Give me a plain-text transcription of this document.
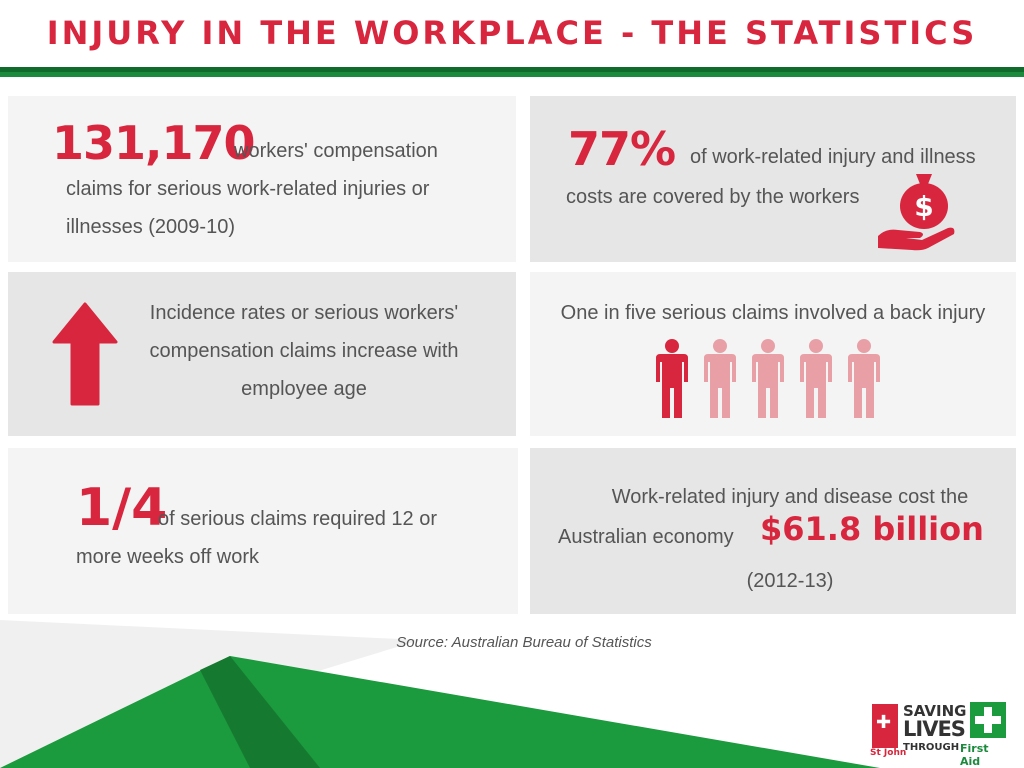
INJURY IN THE WORKPLACE - THE STATISTICS
131,170
workers' compensation
claims for serious work-related injuries or illnesses (2009-10)
77% of work-related injury and illness
costs are covered by the workers $
Incidence rates or serious workers' compensation claims increase with employee age
One in five serious claims involved a back injury
1/4
of serious claims required 12 or
more weeks off work
Work-related injury and disease cost the
Australian economy $61.8 billion
(2012-13)
Source: Australian Bureau of Statistics
✚
St John
SAVING
LIVES
THROUGH First Aid
